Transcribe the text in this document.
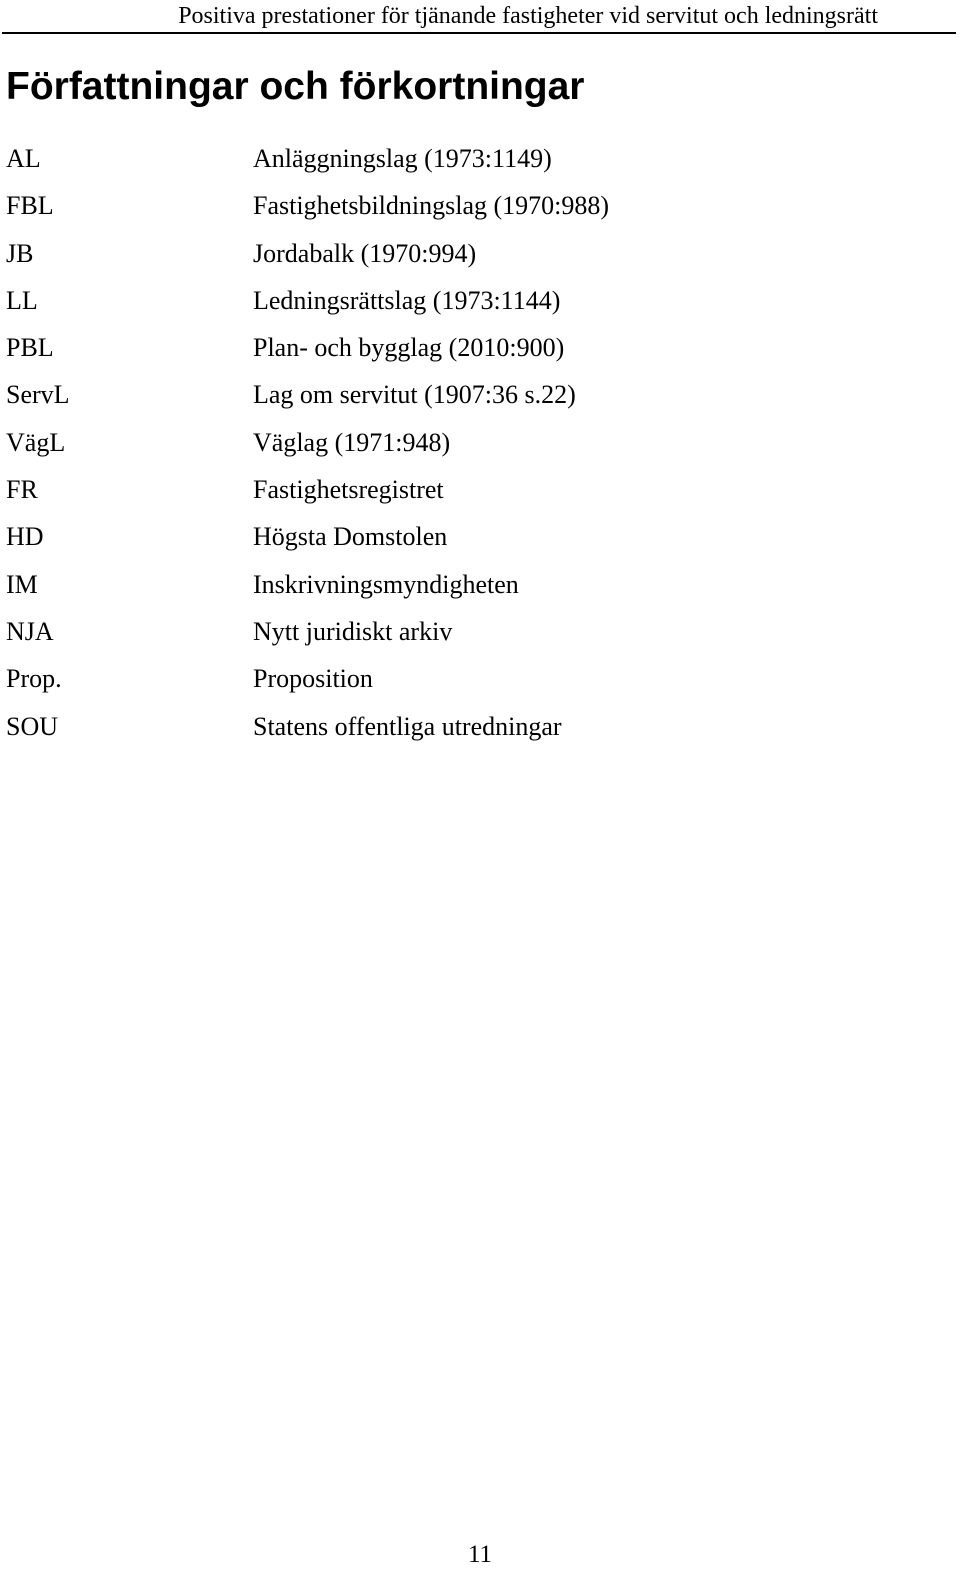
Positiva prestationer för tjänande fastigheter vid servitut och ledningsrätt
Författningar och förkortningar
AL	Anläggningslag (1973:1149)
FBL	Fastighetsbildningslag (1970:988)
JB	Jordabalk (1970:994)
LL	Ledningsrättslag (1973:1144)
PBL	Plan- och bygglag (2010:900)
ServL	Lag om servitut (1907:36 s.22)
VägL	Väglag (1971:948)
FR	Fastighetsregistret
HD	Högsta Domstolen
IM	Inskrivningsmyndigheten
NJA	Nytt juridiskt arkiv
Prop.	Proposition
SOU	Statens offentliga utredningar
11
